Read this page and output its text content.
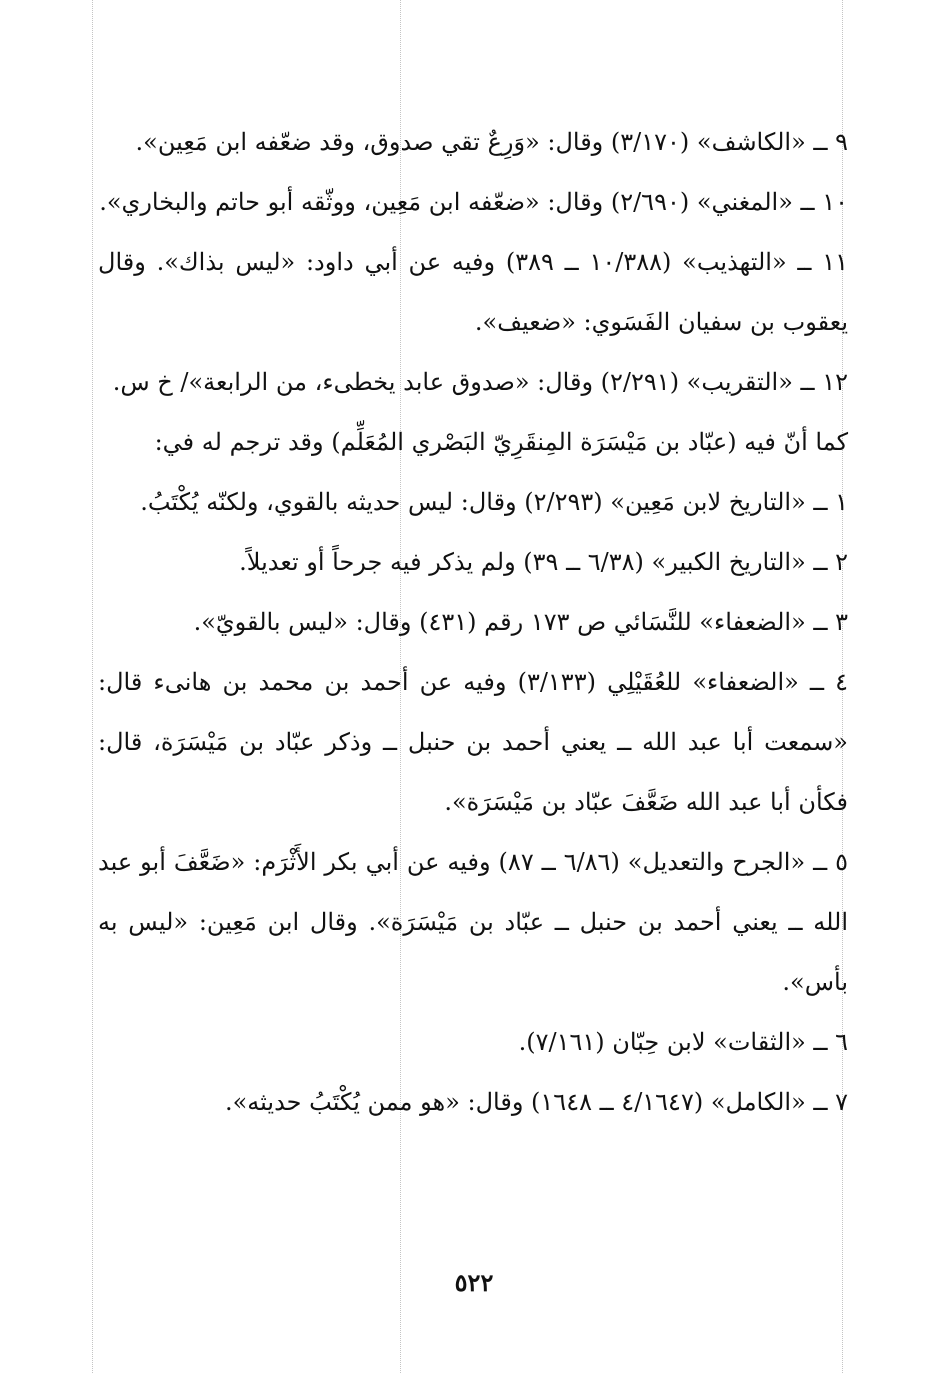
٩ ــ «الكاشف» (٣/١٧٠) وقال: «وَرِعٌ تقي صدوق، وقد ضعّفه ابن مَعِين».

١٠ ــ «المغني» (٢/٦٩٠) وقال: «ضعّفه ابن مَعِين، ووثّقه أبو حاتم والبخاري».

١١ ــ «التهذيب» (١٠/٣٨٨ ــ ٣٨٩) وفيه عن أبي داود: «ليس بذاك». وقال يعقوب بن سفيان الفَسَوي: «ضعيف».

١٢ ــ «التقريب» (٢/٢٩١) وقال: «صدوق عابد يخطىء، من الرابعة»/ خ س.

كما أنّ فيه (عبّاد بن مَيْسَرَة المِنقَرِيّ البَصْري المُعَلِّم) وقد ترجم له في:

١ ــ «التاريخ لابن مَعِين» (٢/٢٩٣) وقال: ليس حديثه بالقوي، ولكنّه يُكْتَبُ.

٢ ــ «التاريخ الكبير» (٦/٣٨ ــ ٣٩) ولم يذكر فيه جرحاً أو تعديلاً.

٣ ــ «الضعفاء» للنَّسَائي ص ١٧٣ رقم (٤٣١) وقال: «ليس بالقويّ».

٤ ــ «الضعفاء» للعُقَيْلِي (٣/١٣٣) وفيه عن أحمد بن محمد بن هانىء قال: «سمعت أبا عبد الله ــ يعني أحمد بن حنبل ــ وذكر عبّاد بن مَيْسَرَة، قال: فكأن أبا عبد الله ضَعَّفَ عبّاد بن مَيْسَرَة».

٥ ــ «الجرح والتعديل» (٦/٨٦ ــ ٨٧) وفيه عن أبي بكر الأَثْرَم: «ضَعَّفَ أبو عبد الله ــ يعني أحمد بن حنبل ــ عبّاد بن مَيْسَرَة». وقال ابن مَعِين: «ليس به بأس».

٦ ــ «الثقات» لابن حِبّان (٧/١٦١).

٧ ــ «الكامل» (٤/١٦٤٧ ــ ١٦٤٨) وقال: «هو ممن يُكْتَبُ حديثه».

٥٢٢
